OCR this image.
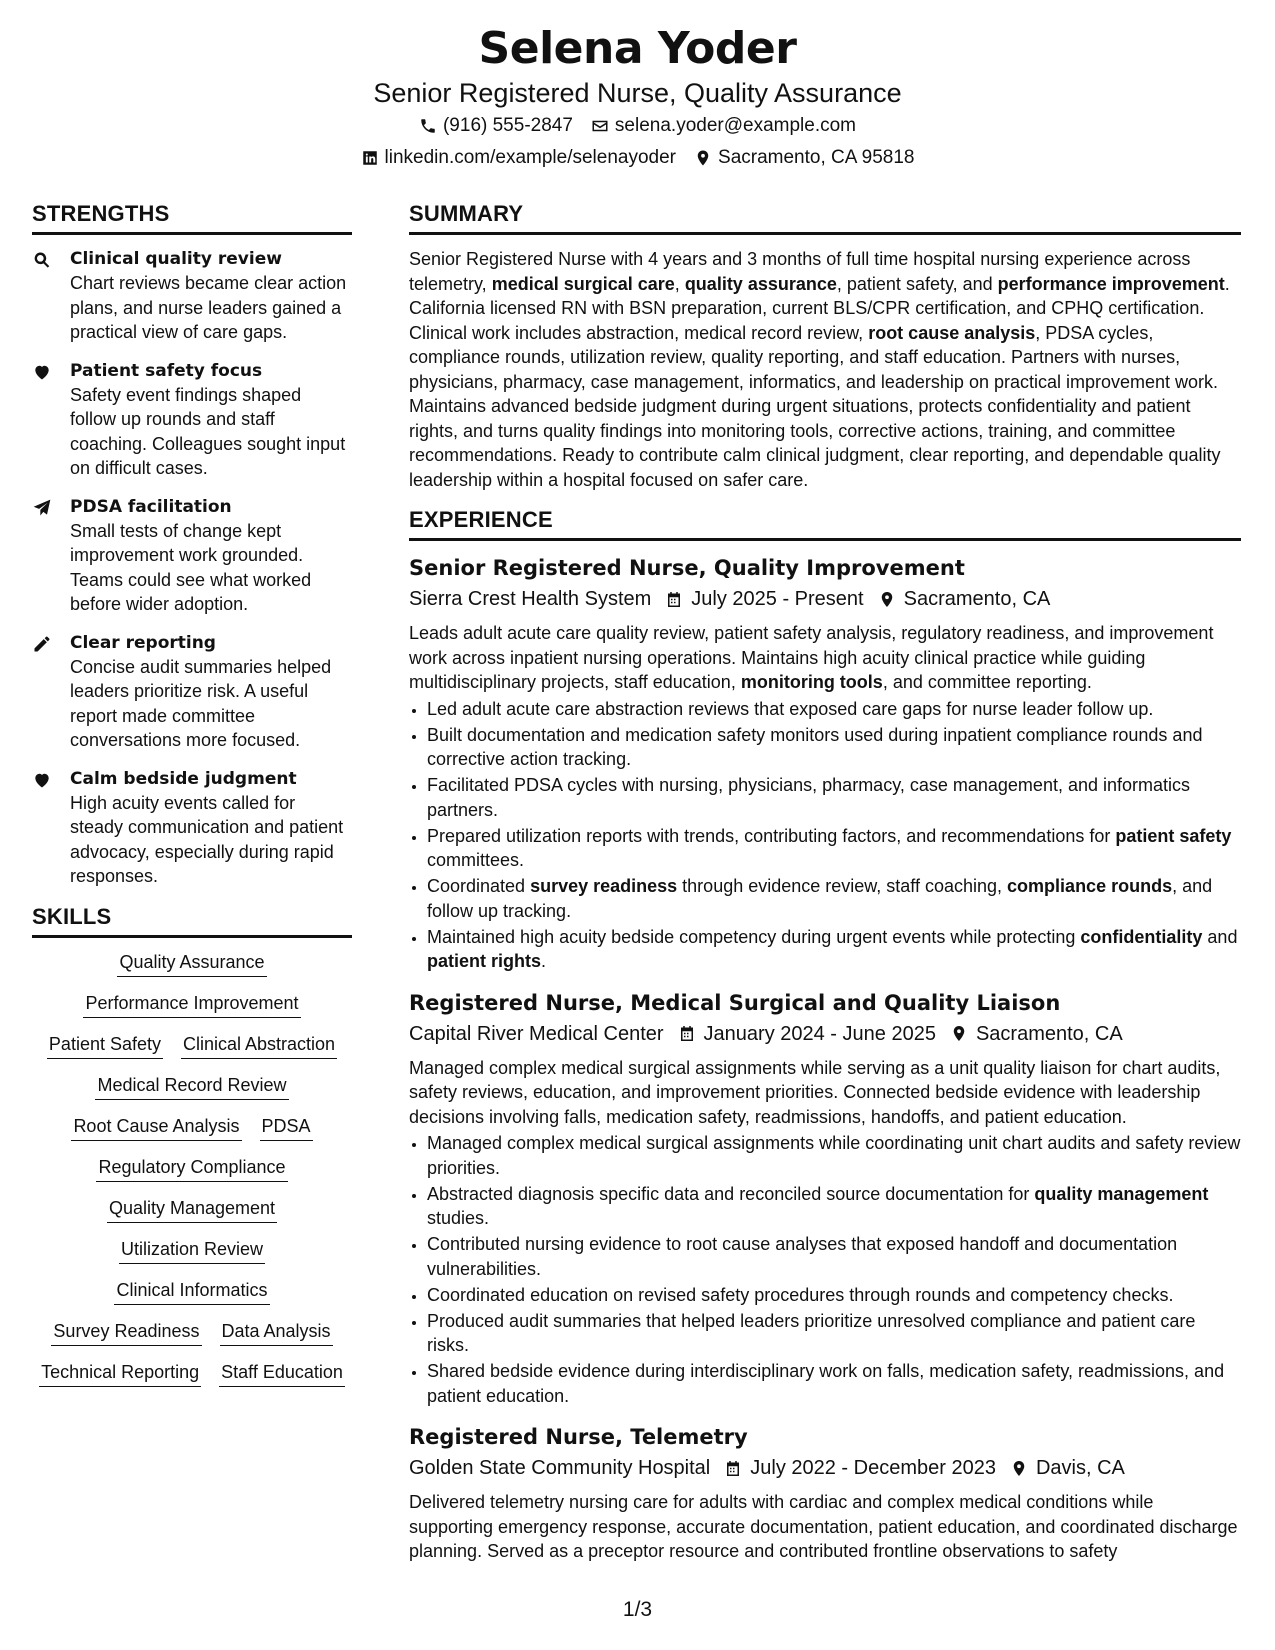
Selena Yoder
Senior Registered Nurse, Quality Assurance
(916) 555-2847 selena.yoder@example.com
linkedin.com/example/selenayoder Sacramento, CA 95818
STRENGTHS
Clinical quality review
Chart reviews became clear action plans, and nurse leaders gained a practical view of care gaps.
Patient safety focus
Safety event findings shaped follow up rounds and staff coaching. Colleagues sought input on difficult cases.
PDSA facilitation
Small tests of change kept improvement work grounded. Teams could see what worked before wider adoption.
Clear reporting
Concise audit summaries helped leaders prioritize risk. A useful report made committee conversations more focused.
Calm bedside judgment
High acuity events called for steady communication and patient advocacy, especially during rapid responses.
SKILLS
Quality Assurance
Performance Improvement
Patient Safety Clinical Abstraction
Medical Record Review
Root Cause Analysis PDSA
Regulatory Compliance
Quality Management
Utilization Review
Clinical Informatics
Survey Readiness Data Analysis
Technical Reporting Staff Education
SUMMARY

Senior Registered Nurse with 4 years and 3 months of full time hospital nursing experience across telemetry, medical surgical care, quality assurance, patient safety, and performance improvement. California licensed RN with BSN preparation, current BLS/CPR certification, and CPHQ certification. Clinical work includes abstraction, medical record review, root cause analysis, PDSA cycles, compliance rounds, utilization review, quality reporting, and staff education. Partners with nurses, physicians, pharmacy, case management, informatics, and leadership on practical improvement work. Maintains advanced bedside judgment during urgent situations, protects confidentiality and patient rights, and turns quality findings into monitoring tools, corrective actions, training, and committee recommendations. Ready to contribute calm clinical judgment, clear reporting, and dependable quality leadership within a hospital focused on safer care.

EXPERIENCE
Senior Registered Nurse, Quality Improvement
Sierra Crest Health System July 2025 - Present Sacramento, CA

Leads adult acute care quality review, patient safety analysis, regulatory readiness, and improvement work across inpatient nursing operations. Maintains high acuity clinical practice while guiding multidisciplinary projects, staff education, monitoring tools, and committee reporting.

• Led adult acute care abstraction reviews that exposed care gaps for nurse leader follow up.
• Built documentation and medication safety monitors used during inpatient compliance rounds and corrective action tracking.
• Facilitated PDSA cycles with nursing, physicians, pharmacy, case management, and informatics partners.
• Prepared utilization reports with trends, contributing factors, and recommendations for patient safety committees.
• Coordinated survey readiness through evidence review, staff coaching, compliance rounds, and follow up tracking.
• Maintained high acuity bedside competency during urgent events while protecting confidentiality and patient rights.
Registered Nurse, Medical Surgical and Quality Liaison
Capital River Medical Center January 2024 - June 2025 Sacramento, CA

Managed complex medical surgical assignments while serving as a unit quality liaison for chart audits, safety reviews, education, and improvement priorities. Connected bedside evidence with leadership decisions involving falls, medication safety, readmissions, handoffs, and patient education.

• Managed complex medical surgical assignments while coordinating unit chart audits and safety review priorities.
• Abstracted diagnosis specific data and reconciled source documentation for quality management studies.
• Contributed nursing evidence to root cause analyses that exposed handoff and documentation vulnerabilities.
• Coordinated education on revised safety procedures through rounds and competency checks.
• Produced audit summaries that helped leaders prioritize unresolved compliance and patient care risks.
• Shared bedside evidence during interdisciplinary work on falls, medication safety, readmissions, and patient education.
Registered Nurse, Telemetry
Golden State Community Hospital July 2022 - December 2023 Davis, CA

Delivered telemetry nursing care for adults with cardiac and complex medical conditions while supporting emergency response, accurate documentation, patient education, and coordinated discharge planning. Served as a preceptor resource and contributed frontline observations to safety

1/3
